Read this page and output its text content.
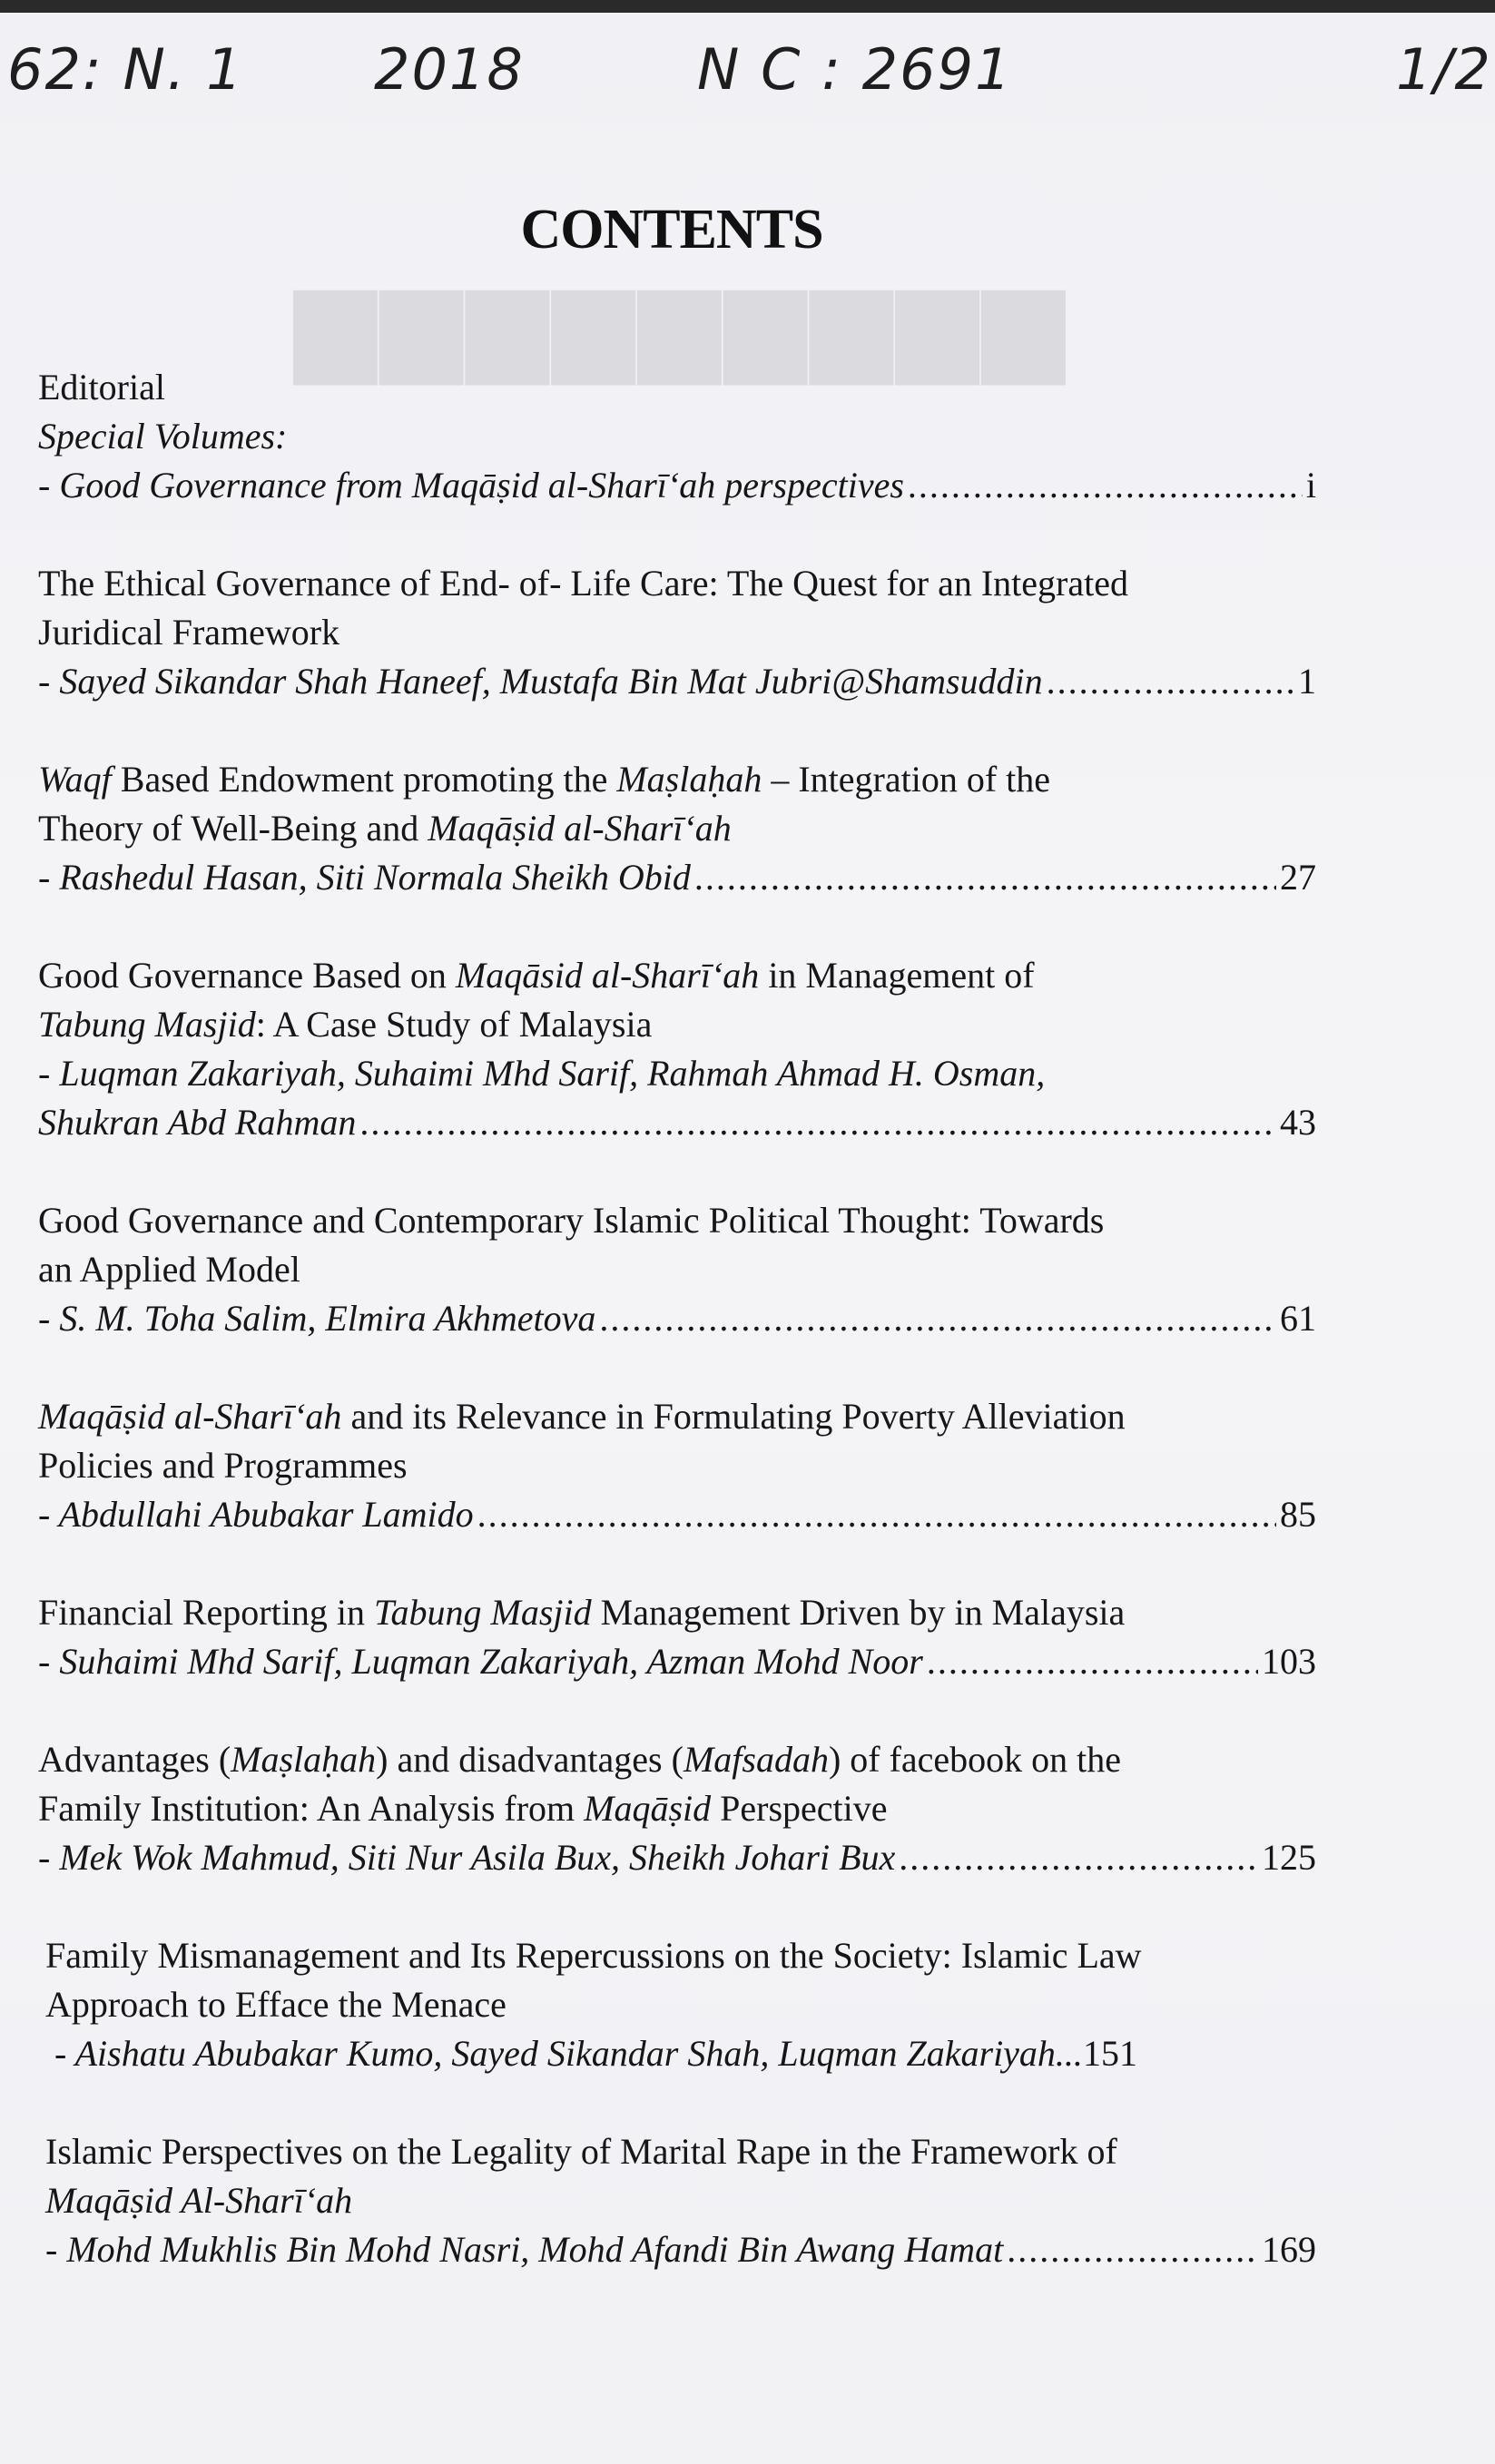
62: N. 1 2018	N C : 2691	1/2
▆▆▆▆▆▆▆▆▆
CONTENTS
Editorial
Special Volumes:
- Good Governance from Maqāṣid al-Sharī‘ah perspectives .....	i
The Ethical Governance of End- of- Life Care: The Quest for an Integrated
Juridical Framework
- Sayed Sikandar Shah Haneef, Mustafa Bin Mat Jubri@Shamsuddin .....	1
Waqf Based Endowment promoting the Maṣlaḥah – Integration of the
Theory of Well-Being and Maqāṣid al-Sharī‘ah
- Rashedul Hasan, Siti Normala Sheikh Obid .....	27
Good Governance Based on Maqāsid al-Sharī‘ah in Management of
Tabung Masjid: A Case Study of Malaysia
- Luqman Zakariyah, Suhaimi Mhd Sarif, Rahmah Ahmad H. Osman,
Shukran Abd Rahman .....	43
Good Governance and Contemporary Islamic Political Thought: Towards
an Applied Model
- S. M. Toha Salim, Elmira Akhmetova .....	61
Maqāṣid al-Sharī‘ah and its Relevance in Formulating Poverty Alleviation
Policies and Programmes
- Abdullahi Abubakar Lamido .....	85
Financial Reporting in Tabung Masjid Management Driven by in Malaysia
- Suhaimi Mhd Sarif, Luqman Zakariyah, Azman Mohd Noor .....	103
Advantages (Maṣlaḥah) and disadvantages (Mafsadah) of facebook on the
Family Institution: An Analysis from Maqāṣid Perspective
- Mek Wok Mahmud, Siti Nur Asila Bux, Sheikh Johari Bux .....	125
Family Mismanagement and Its Repercussions on the Society: Islamic Law
Approach to Efface the Menace
- Aishatu Abubakar Kumo, Sayed Sikandar Shah, Luqman Zakariyah... 151
Islamic Perspectives on the Legality of Marital Rape in the Framework of
Maqāṣid Al-Sharī‘ah
- Mohd Mukhlis Bin Mohd Nasri, Mohd Afandi Bin Awang Hamat .....	169
